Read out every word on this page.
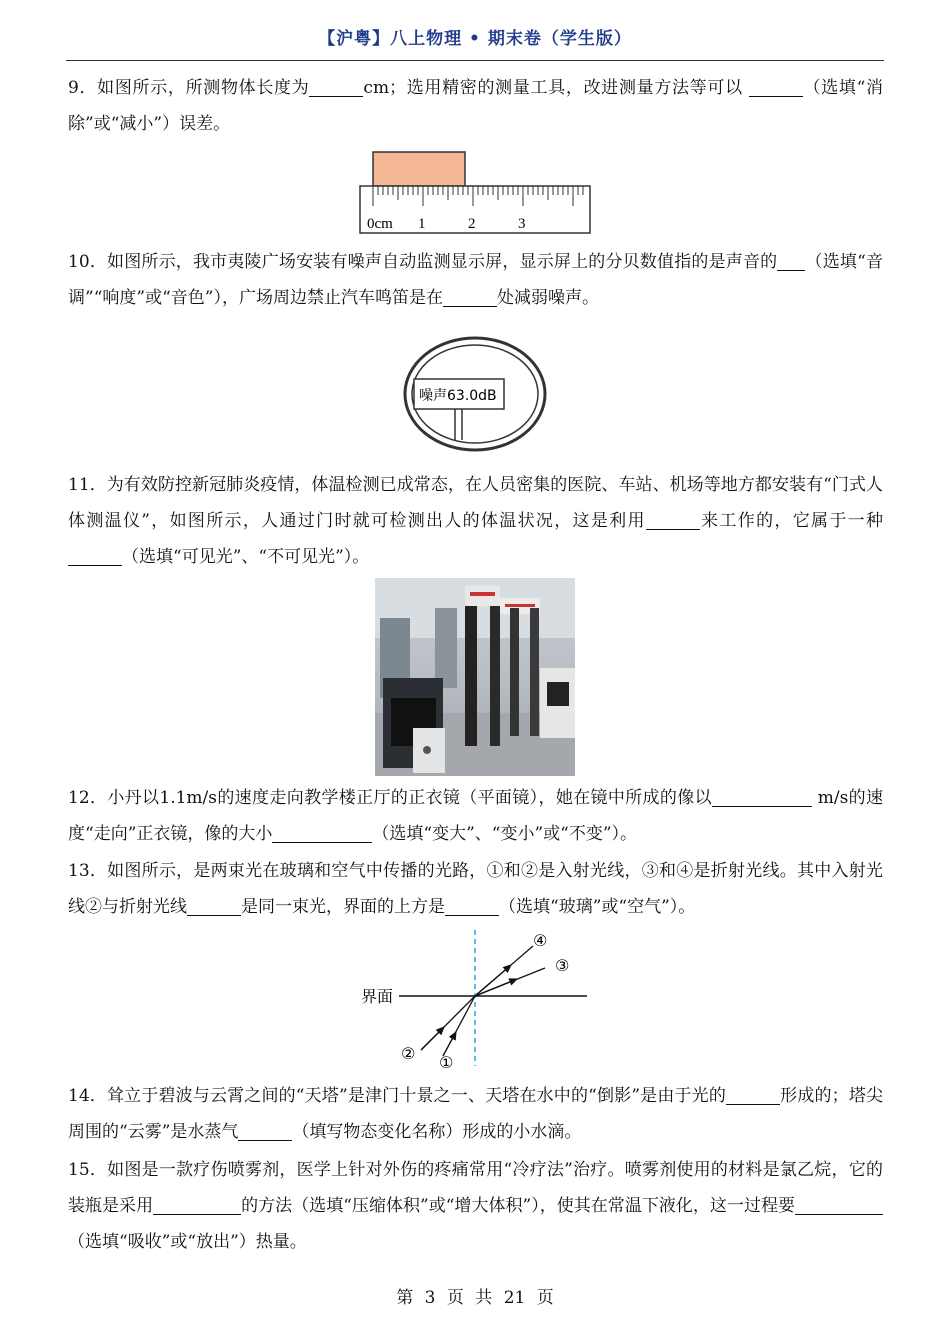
【沪粤】八上物理 • 期末卷（学生版）

9．如图所示，所测物体长度为	cm；选用精密的测量工具，改进测量方法等可以	（选填“消除”或“减小”）误差。

0cm 1	2	3

10．如图所示，我市夷陵广场安装有噪声自动监测显示屏，显示屏上的分贝数值指的是声音的 （选填“音调”“响度”或“音色”），广场周边禁止汽车鸣笛是在	处减弱噪声。

噪声63.0dB

11．为有效防控新冠肺炎疫情，体温检测已成常态，在人员密集的医院、车站、机场等地方都安装有“门式人体测温仪”，如图所示，人通过门时就可检测出人的体温状况，这是利用	来工作的，它属于一种 （选填“可见光”、“不可见光”）。

12．小丹以1.1m/s的速度走向教学楼正厅的正衣镜（平面镜），她在镜中所成的像以	m/s的速度“走向”正衣镜，像的大小	（选填“变大”、“变小”或“不变”）。

13．如图所示，是两束光在玻璃和空气中传播的光路，①和②是入射光线，③和④是折射光线。其中入射光线②与折射光线	是同一束光，界面的上方是	（选填“玻璃”或“空气”）。

界面
④
③
② ①

14．耸立于碧波与云霄之间的“天塔”是津门十景之一、天塔在水中的“倒影”是由于光的	形成的；塔尖周围的“云雾”是水蒸气	（填写物态变化名称）形成的小水滴。

15．如图是一款疗伤喷雾剂，医学上针对外伤的疼痛常用“冷疗法”治疗。喷雾剂使用的材料是氯乙烷，它的装瓶是采用	的方法（选填“压缩体积”或“增大体积”），使其在常温下液化，这一过程要（选填“吸收”或“放出”）热量。

第 3 页 共 21 页
